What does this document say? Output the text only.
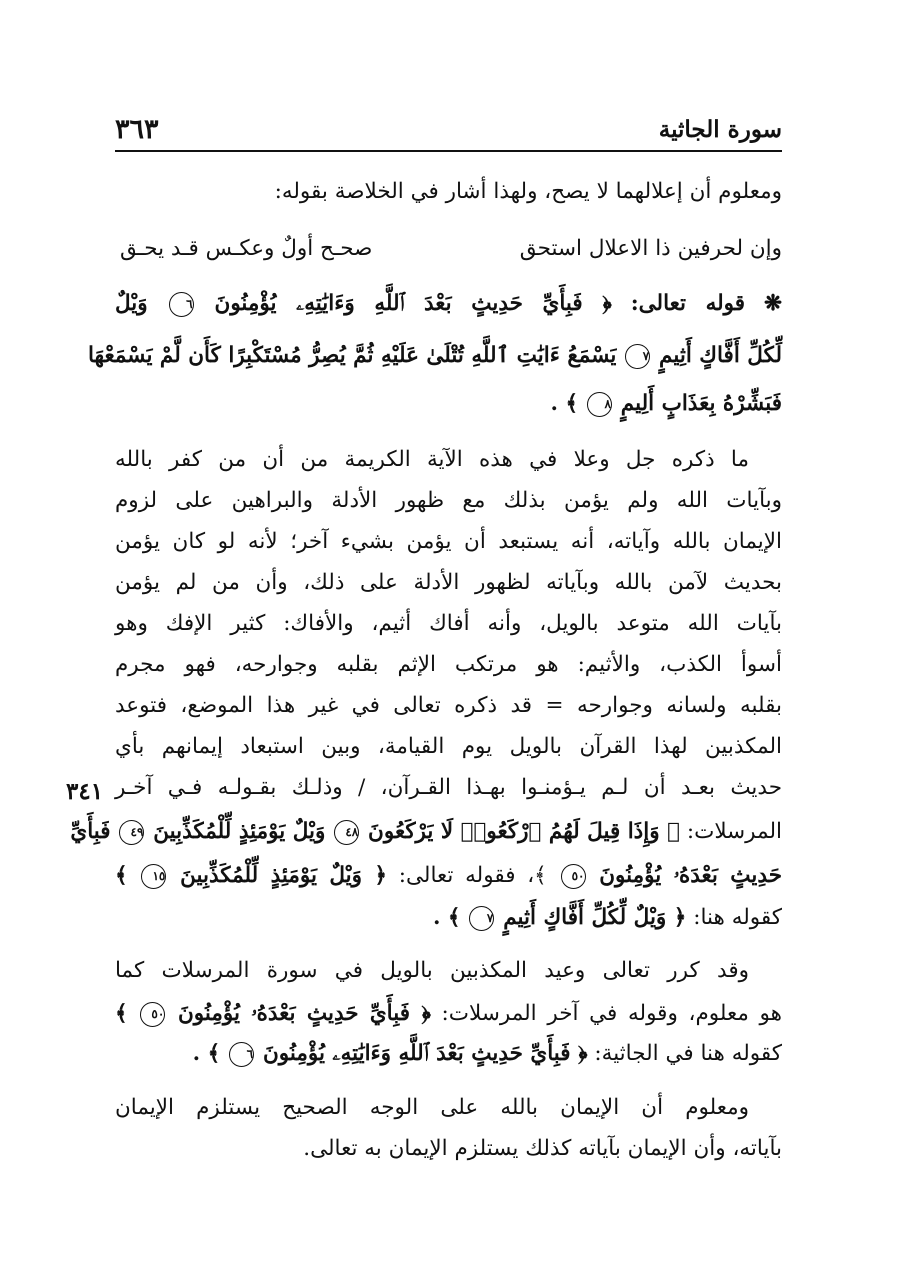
سورة الجاثية
٣٦٣
ومعلوم أن إعلالهما لا يصح، ولهذا أشار في الخلاصة بقوله:
وإن لحرفين ذا الاعلال استحق
صحـح أولٌ وعكـس قـد يحـق
❋ قوله تعالى: ﴿ فَبِأَيِّ حَدِيثٍ بَعْدَ ٱللَّهِ وَءَايَٰتِهِۦ يُؤْمِنُونَ ٦ وَيْلٌ
لِّكُلِّ أَفَّاكٍ أَثِيمٍ ٧ يَسْمَعُ ءَايَٰتِ ٱللَّهِ تُتْلَىٰ عَلَيْهِ ثُمَّ يُصِرُّ مُسْتَكْبِرًا كَأَن لَّمْ يَسْمَعْهَا
فَبَشِّرْهُ بِعَذَابٍ أَلِيمٍ ٨ ﴾ .
ما ذكره جل وعلا في هذه الآية الكريمة من أن من كفر بالله
وبآيات الله ولم يؤمن بذلك مع ظهور الأدلة والبراهين على لزوم
الإيمان بالله وآياته، أنه يستبعد أن يؤمن بشيء آخر؛ لأنه لو كان يؤمن
بحديث لآمن بالله وبآياته لظهور الأدلة على ذلك، وأن من لم يؤمن
بآيات الله متوعد بالويل، وأنه أفاك أثيم، والأفاك: كثير الإفك وهو
أسوأ الكذب، والأثيم: هو مرتكب الإثم بقلبه وجوارحه، فهو مجرم
بقلبه ولسانه وجوارحه = قد ذكره تعالى في غير هذا الموضع، فتوعد
المكذبين لهذا القرآن بالويل يوم القيامة، وبين استبعاد إيمانهم بأي
حديث بعـد أن لـم يـؤمنـوا بهـذا القـرآن، / وذلـك بقـولـه فـي آخـر
٣٤١
المرسلات: ﴿ وَإِذَا قِيلَ لَهُمُ ٱرْكَعُوا۟ لَا يَرْكَعُونَ ٤٨ وَيْلٌ يَوْمَئِذٍ لِّلْمُكَذِّبِينَ ٤٩ فَبِأَيِّ
حَدِيثٍ بَعْدَهُۥ يُؤْمِنُونَ ٥٠ ﴾، فقوله تعالى: ﴿ وَيْلٌ يَوْمَئِذٍ لِّلْمُكَذِّبِينَ ١٥ ﴾
كقوله هنا: ﴿ وَيْلٌ لِّكُلِّ أَفَّاكٍ أَثِيمٍ ٧ ﴾ .
وقد كرر تعالى وعيد المكذبين بالويل في سورة المرسلات كما
هو معلوم، وقوله في آخر المرسلات: ﴿ فَبِأَيِّ حَدِيثٍ بَعْدَهُۥ يُؤْمِنُونَ ٥٠ ﴾
كقوله هنا في الجاثية: ﴿ فَبِأَيِّ حَدِيثٍ بَعْدَ ٱللَّهِ وَءَايَٰتِهِۦ يُؤْمِنُونَ ٦ ﴾ .
ومعلوم أن الإيمان بالله على الوجه الصحيح يستلزم الإيمان
بآياته، وأن الإيمان بآياته كذلك يستلزم الإيمان به تعالى.
